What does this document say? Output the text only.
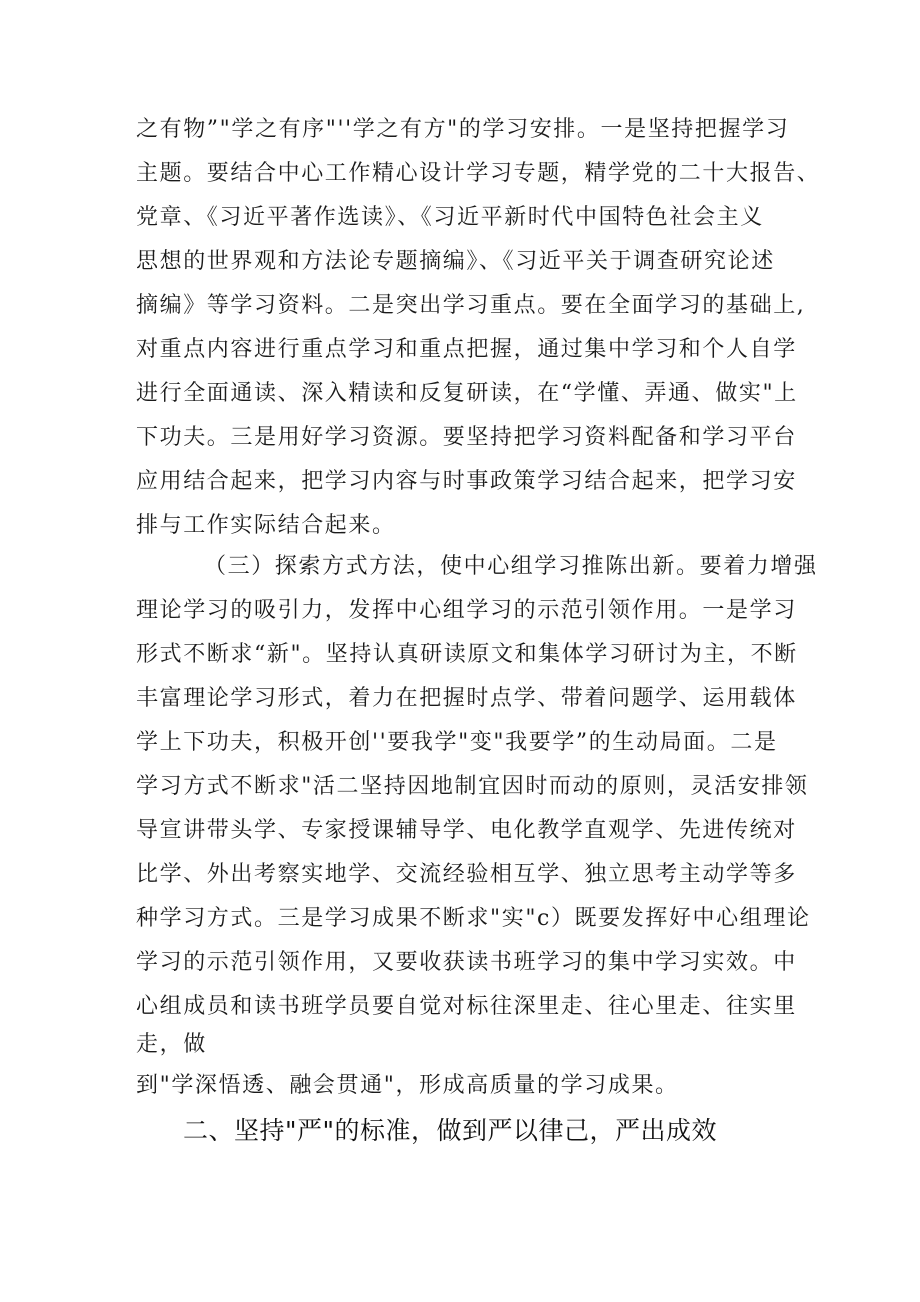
之有物”"学之有序"''学之有方"的学习安排。一是坚持把握学习
主题。要结合中心工作精心设计学习专题，精学党的二十大报告、
党章、《习近平著作选读》、《习近平新时代中国特色社会主义
思想的世界观和方法论专题摘编》、《习近平关于调查研究论述
摘编》等学习资料。二是突出学习重点。要在全面学习的基础上,
对重点内容进行重点学习和重点把握，通过集中学习和个人自学
进行全面通读、深入精读和反复研读，在“学懂、弄通、做实"上
下功夫。三是用好学习资源。要坚持把学习资料配备和学习平台
应用结合起来，把学习内容与时事政策学习结合起来，把学习安
排与工作实际结合起来。
（三）探索方式方法，使中心组学习推陈出新。要着力增强
理论学习的吸引力，发挥中心组学习的示范引领作用。一是学习
形式不断求“新"。坚持认真研读原文和集体学习研讨为主，不断
丰富理论学习形式，着力在把握时点学、带着问题学、运用载体
学上下功夫，积极开创''要我学"变"我要学”的生动局面。二是
学习方式不断求"活二坚持因地制宜因时而动的原则，灵活安排领
导宣讲带头学、专家授课辅导学、电化教学直观学、先进传统对
比学、外出考察实地学、交流经验相互学、独立思考主动学等多
种学习方式。三是学习成果不断求"实"c）既要发挥好中心组理论
学习的示范引领作用，又要收获读书班学习的集中学习实效。中
心组成员和读书班学员要自觉对标往深里走、往心里走、往实里
走，做
到"学深悟透、融会贯通"，形成高质量的学习成果。
二、坚持"严"的标准，做到严以律己，严出成效
